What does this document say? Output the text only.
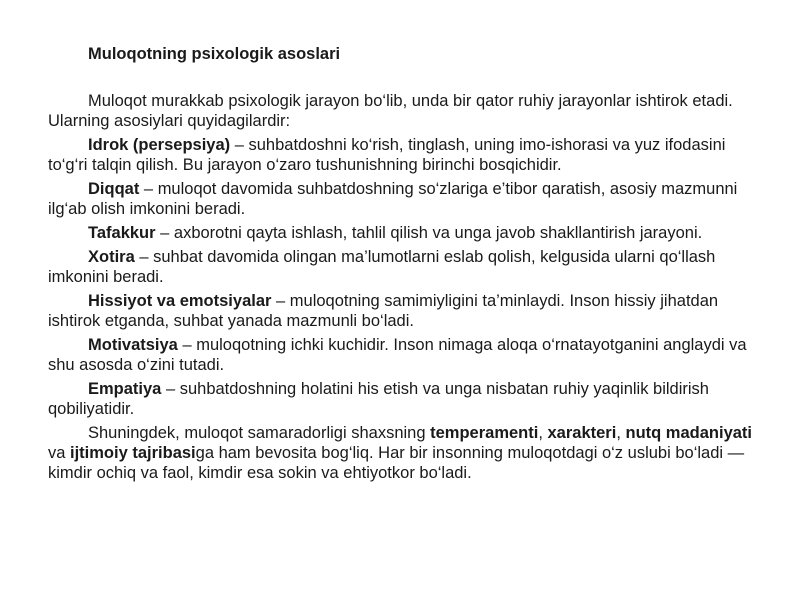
Muloqotning psixologik asoslari

Muloqot murakkab psixologik jarayon bo‘lib, unda bir qator ruhiy jarayonlar ishtirok etadi. Ularning asosiylari quyidagilardir:

Idrok (persepsiya) – suhbatdoshni ko‘rish, tinglash, uning imo-ishorasi va yuz ifodasini to‘g‘ri talqin qilish. Bu jarayon o‘zaro tushunishning birinchi bosqichidir.

Diqqat – muloqot davomida suhbatdoshning so‘zlariga e’tibor qaratish, asosiy mazmunni ilg‘ab olish imkonini beradi.

Tafakkur – axborotni qayta ishlash, tahlil qilish va unga javob shakllantirish jarayoni.

Xotira – suhbat davomida olingan ma’lumotlarni eslab qolish, kelgusida ularni qo‘llash imkonini beradi.

Hissiyot va emotsiyalar – muloqotning samimiyligini ta’minlaydi. Inson hissiy jihatdan ishtirok etganda, suhbat yanada mazmunli bo‘ladi.

Motivatsiya – muloqotning ichki kuchidir. Inson nimaga aloqa o‘rnatayotganini anglaydi va shu asosda o‘zini tutadi.

Empatiya – suhbatdoshning holatini his etish va unga nisbatan ruhiy yaqinlik bildirish qobiliyatidir.

Shuningdek, muloqot samaradorligi shaxsning temperamenti, xarakteri, nutq madaniyati va ijtimoiy tajribasiga ham bevosita bog‘liq. Har bir insonning muloqotdagi o‘z uslubi bo‘ladi — kimdir ochiq va faol, kimdir esa sokin va ehtiyotkor bo‘ladi.
